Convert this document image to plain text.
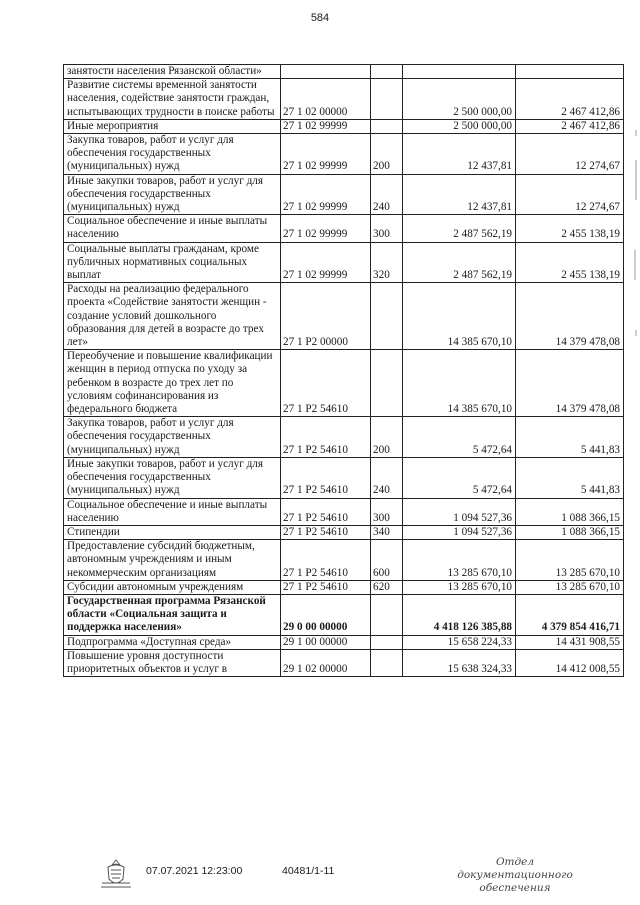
584
занятости населения Рязанской области»				
Развитие системы временной занятости населения, содействие занятости граждан, испытывающих трудности в поиске работы	27 1 02 00000		2 500 000,00	2 467 412,86
Иные мероприятия	27 1 02 99999		2 500 000,00	2 467 412,86
Закупка товаров, работ и услуг для обеспечения государственных (муниципальных) нужд	27 1 02 99999	200	12 437,81	12 274,67
Иные закупки товаров, работ и услуг для обеспечения государственных (муниципальных) нужд	27 1 02 99999	240	12 437,81	12 274,67
Социальное обеспечение и иные выплаты населению	27 1 02 99999	300	2 487 562,19	2 455 138,19
Социальные выплаты гражданам, кроме публичных нормативных социальных выплат	27 1 02 99999	320	2 487 562,19	2 455 138,19
Расходы на реализацию федерального проекта «Содействие занятости женщин - создание условий дошкольного образования для детей в возрасте до трех лет»	27 1 P2 00000		14 385 670,10	14 379 478,08
Переобучение и повышение квалификации женщин в период отпуска по уходу за ребенком в возрасте до трех лет по условиям софинансирования из федерального бюджета	27 1 P2 54610		14 385 670,10	14 379 478,08
Закупка товаров, работ и услуг для обеспечения государственных (муниципальных) нужд	27 1 P2 54610	200	5 472,64	5 441,83
Иные закупки товаров, работ и услуг для обеспечения государственных (муниципальных) нужд	27 1 P2 54610	240	5 472,64	5 441,83
Социальное обеспечение и иные выплаты населению	27 1 P2 54610	300	1 094 527,36	1 088 366,15
Стипендии	27 1 P2 54610	340	1 094 527,36	1 088 366,15
Предоставление субсидий бюджетным, автономным учреждениям и иным некоммерческим организациям	27 1 P2 54610	600	13 285 670,10	13 285 670,10
Субсидии автономным учреждениям	27 1 P2 54610	620	13 285 670,10	13 285 670,10
Государственная программа Рязанской области «Социальная защита и поддержка населения»	29 0 00 00000		4 418 126 385,88	4 379 854 416,71
Подпрограмма «Доступная среда»	29 1 00 00000		15 658 224,33	14 431 908,55
Повышение уровня доступности приоритетных объектов и услуг в	29 1 02 00000		15 638 324,33	14 412 008,55
07.07.2021 12:23:00	40481/1-11
Отдел документационного обеспечения
